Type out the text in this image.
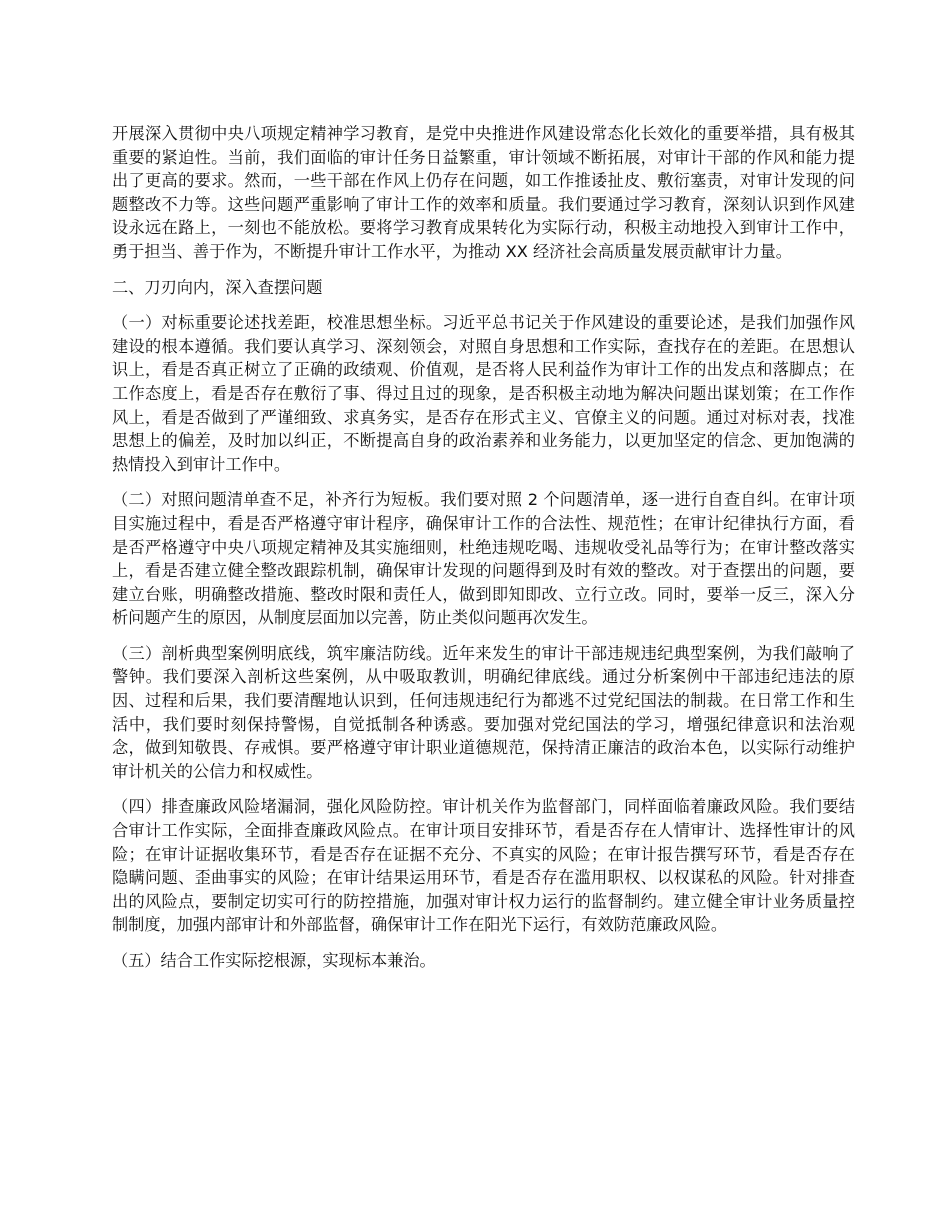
开展深入贯彻中央八项规定精神学习教育，是党中央推进作风建设常态化长效化的重要举措，具有极其重要的紧迫性。当前，我们面临的审计任务日益繁重，审计领域不断拓展，对审计干部的作风和能力提出了更高的要求。然而，一些干部在作风上仍存在问题，如工作推诿扯皮、敷衍塞责，对审计发现的问题整改不力等。这些问题严重影响了审计工作的效率和质量。我们要通过学习教育，深刻认识到作风建设永远在路上，一刻也不能放松。要将学习教育成果转化为实际行动，积极主动地投入到审计工作中，勇于担当、善于作为，不断提升审计工作水平，为推动 XX 经济社会高质量发展贡献审计力量。

二、刀刃向内，深入查摆问题

（一）对标重要论述找差距，校准思想坐标。习近平总书记关于作风建设的重要论述，是我们加强作风建设的根本遵循。我们要认真学习、深刻领会，对照自身思想和工作实际，查找存在的差距。在思想认识上，看是否真正树立了正确的政绩观、价值观，是否将人民利益作为审计工作的出发点和落脚点；在工作态度上，看是否存在敷衍了事、得过且过的现象，是否积极主动地为解决问题出谋划策；在工作作风上，看是否做到了严谨细致、求真务实，是否存在形式主义、官僚主义的问题。通过对标对表，找准思想上的偏差，及时加以纠正，不断提高自身的政治素养和业务能力，以更加坚定的信念、更加饱满的热情投入到审计工作中。

（二）对照问题清单查不足，补齐行为短板。我们要对照 2 个问题清单，逐一进行自查自纠。在审计项目实施过程中，看是否严格遵守审计程序，确保审计工作的合法性、规范性；在审计纪律执行方面，看是否严格遵守中央八项规定精神及其实施细则，杜绝违规吃喝、违规收受礼品等行为；在审计整改落实上，看是否建立健全整改跟踪机制，确保审计发现的问题得到及时有效的整改。对于查摆出的问题，要建立台账，明确整改措施、整改时限和责任人，做到即知即改、立行立改。同时，要举一反三，深入分析问题产生的原因，从制度层面加以完善，防止类似问题再次发生。

（三）剖析典型案例明底线，筑牢廉洁防线。近年来发生的审计干部违规违纪典型案例，为我们敲响了警钟。我们要深入剖析这些案例，从中吸取教训，明确纪律底线。通过分析案例中干部违纪违法的原因、过程和后果，我们要清醒地认识到，任何违规违纪行为都逃不过党纪国法的制裁。在日常工作和生活中，我们要时刻保持警惕，自觉抵制各种诱惑。要加强对党纪国法的学习，增强纪律意识和法治观念，做到知敬畏、存戒惧。要严格遵守审计职业道德规范，保持清正廉洁的政治本色，以实际行动维护审计机关的公信力和权威性。

（四）排查廉政风险堵漏洞，强化风险防控。审计机关作为监督部门，同样面临着廉政风险。我们要结合审计工作实际，全面排查廉政风险点。在审计项目安排环节，看是否存在人情审计、选择性审计的风险；在审计证据收集环节，看是否存在证据不充分、不真实的风险；在审计报告撰写环节，看是否存在隐瞒问题、歪曲事实的风险；在审计结果运用环节，看是否存在滥用职权、以权谋私的风险。针对排查出的风险点，要制定切实可行的防控措施，加强对审计权力运行的监督制约。建立健全审计业务质量控制制度，加强内部审计和外部监督，确保审计工作在阳光下运行，有效防范廉政风险。

（五）结合工作实际挖根源，实现标本兼治。
